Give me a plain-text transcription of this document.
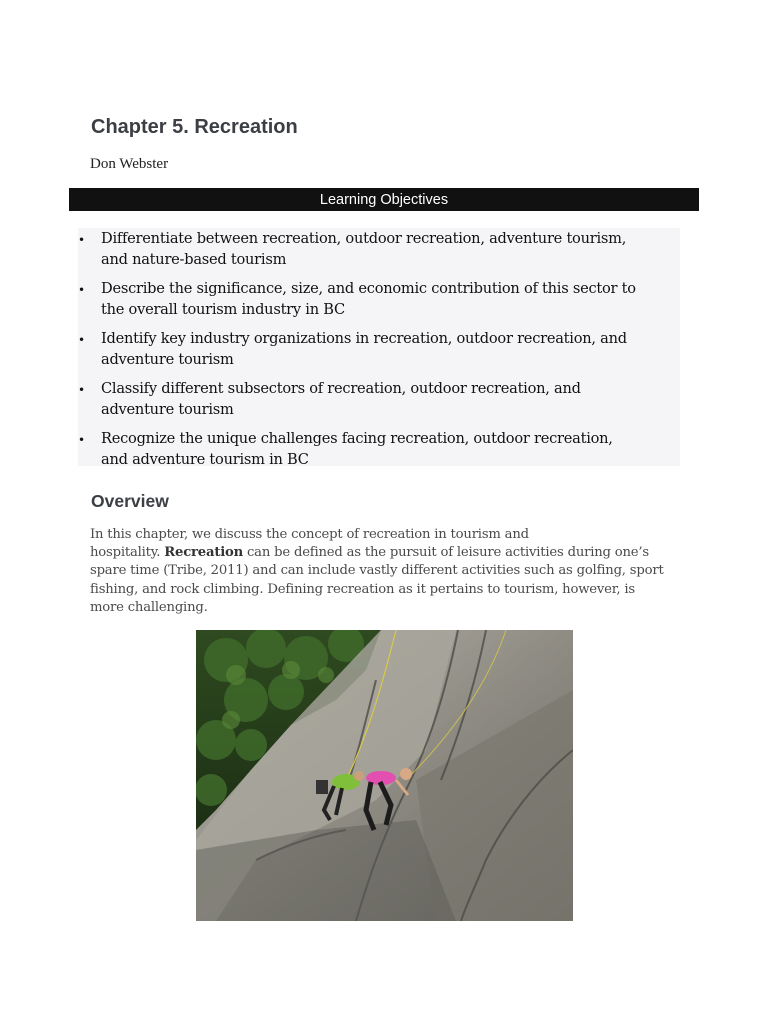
Chapter 5. Recreation

Don Webster

Learning Objectives
• Differentiate between recreation, outdoor recreation, adventure tourism,
and nature-based tourism
• Describe the significance, size, and economic contribution of this sector to
the overall tourism industry in BC
• Identify key industry organizations in recreation, outdoor recreation, and
adventure tourism
• Classify different subsectors of recreation, outdoor recreation, and
adventure tourism
• Recognize the unique challenges facing recreation, outdoor recreation,
and adventure tourism in BC
Overview

In this chapter, we discuss the concept of recreation in tourism and
hospitality. Recreation can be defined as the pursuit of leisure activities during one’s
spare time (Tribe, 2011) and can include vastly different activities such as golfing, sport
fishing, and rock climbing. Defining recreation as it pertains to tourism, however, is
more challenging.
